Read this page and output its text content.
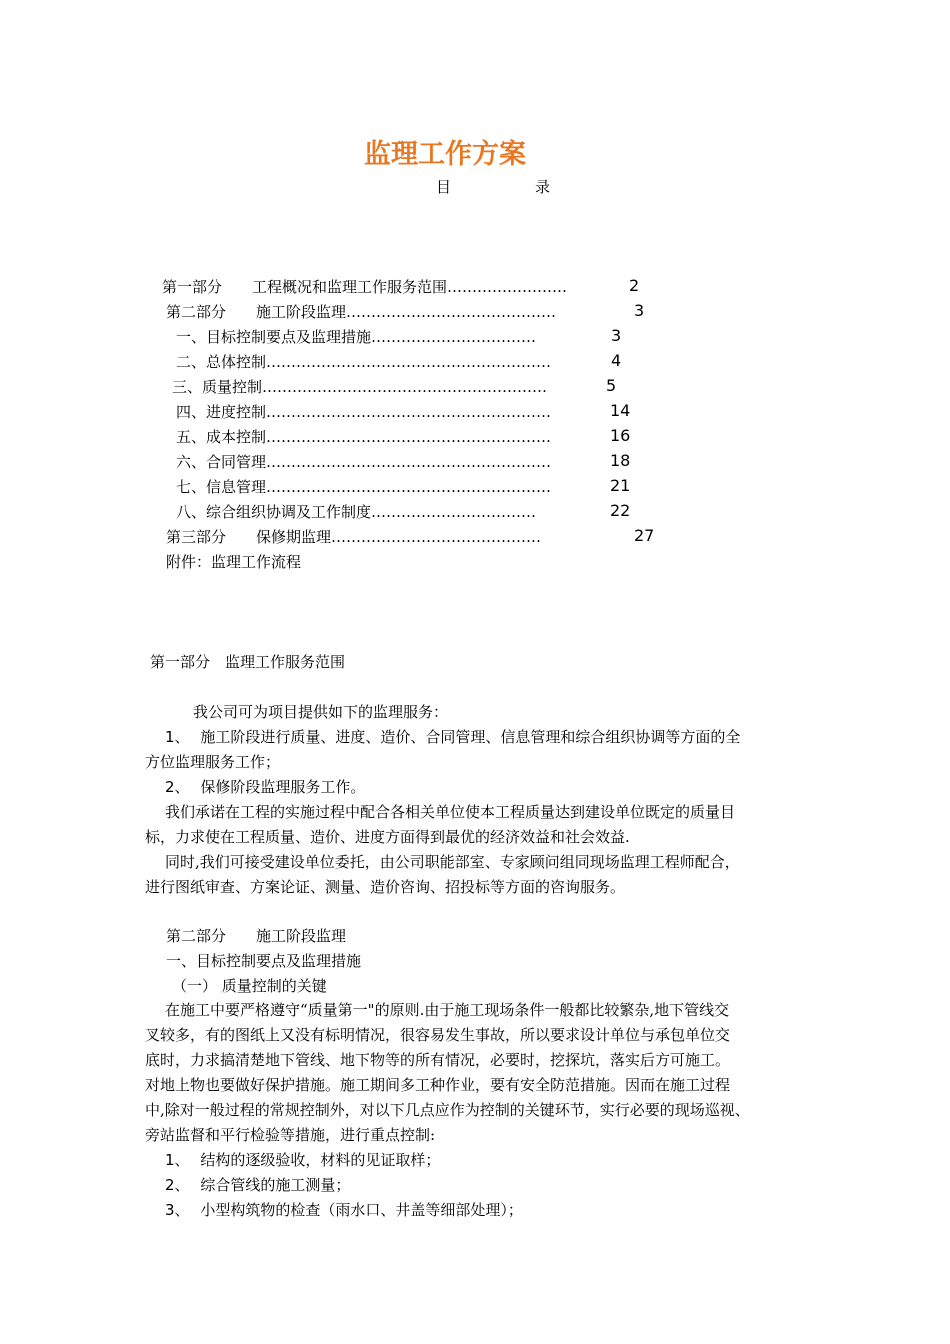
监理工作方案
目	录
第一部分　　工程概况和监理工作服务范围……………………	2
第二部分　　施工阶段监理……………………………………	3
一、目标控制要点及监理措施……………………………	3
二、总体控制…………………………………………………	4
三、质量控制…………………………………………………	5
四、进度控制…………………………………………………	14
五、成本控制…………………………………………………	16
六、合同管理…………………………………………………	18
七、信息管理…………………………………………………	21
八、综合组织协调及工作制度……………………………	22
第三部分　　保修期监理……………………………………	27
附件：监理工作流程
第一部分　监理工作服务范围
我公司可为项目提供如下的监理服务：
1、 施工阶段进行质量、进度、造价、合同管理、信息管理和综合组织协调等方面的全
方位监理服务工作；
2、 保修阶段监理服务工作。
我们承诺在工程的实施过程中配合各相关单位使本工程质量达到建设单位既定的质量目
标，力求使在工程质量、造价、进度方面得到最优的经济效益和社会效益.
同时,我们可接受建设单位委托，由公司职能部室、专家顾问组同现场监理工程师配合，
进行图纸审查、方案论证、测量、造价咨询、招投标等方面的咨询服务。
第二部分　　施工阶段监理
一、目标控制要点及监理措施
（一） 质量控制的关键
在施工中要严格遵守“质量第一"的原则.由于施工现场条件一般都比较繁杂,地下管线交
叉较多，有的图纸上又没有标明情况，很容易发生事故，所以要求设计单位与承包单位交
底时，力求搞清楚地下管线、地下物等的所有情况，必要时，挖探坑，落实后方可施工。
对地上物也要做好保护措施。施工期间多工种作业，要有安全防范措施。因而在施工过程
中,除对一般过程的常规控制外，对以下几点应作为控制的关键环节，实行必要的现场巡视、
旁站监督和平行检验等措施，进行重点控制:
1、 结构的逐级验收，材料的见证取样；
2、 综合管线的施工测量；
3、 小型构筑物的检查（雨水口、井盖等细部处理）；
